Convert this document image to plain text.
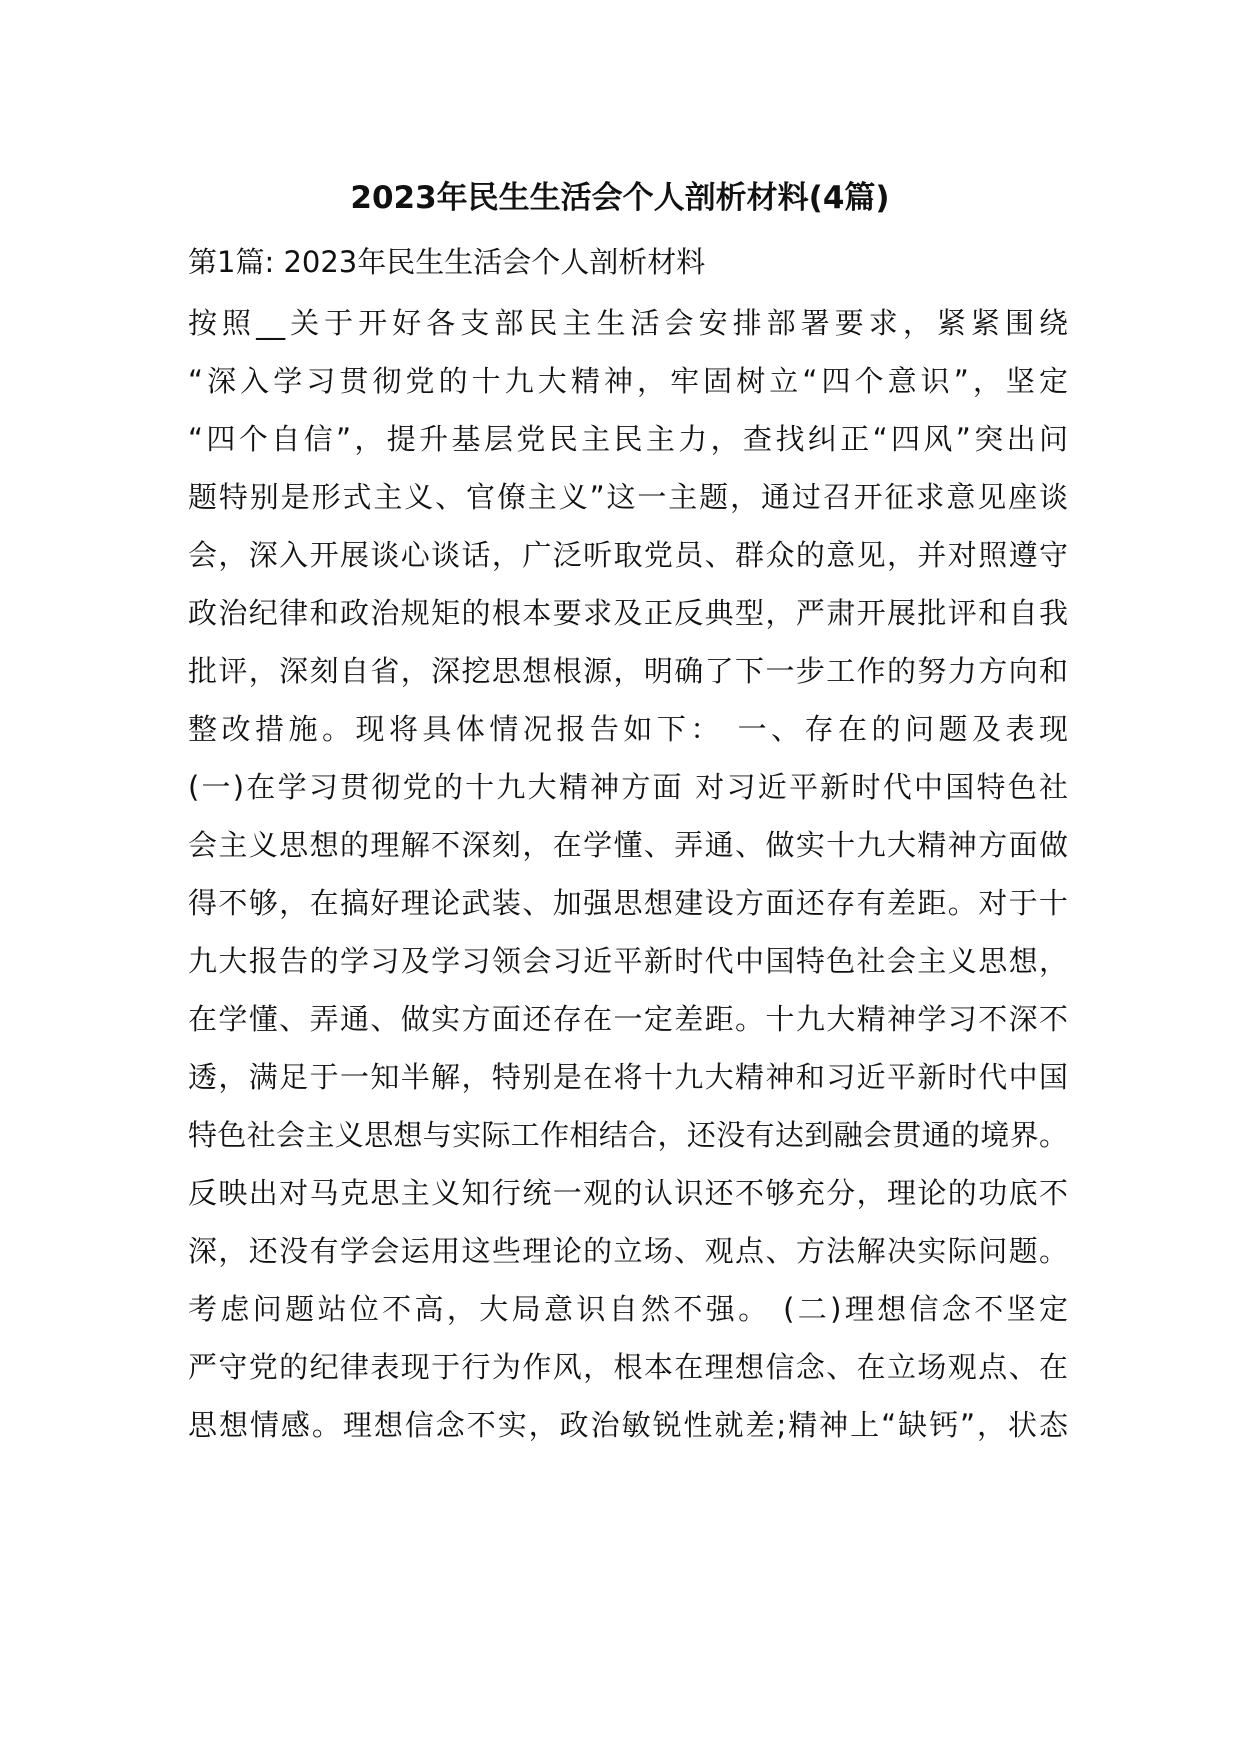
2023年民生生活会个人剖析材料(4篇)

第1篇: 2023年民生生活会个人剖析材料

按照__关于开好各支部民主生活会安排部署要求，紧紧围绕

“深入学习贯彻党的十九大精神，牢固树立“四个意识”，坚定

“四个自信”，提升基层党民主民主力，查找纠正“四风”突出问

题特别是形式主义、官僚主义”这一主题，通过召开征求意见座谈

会，深入开展谈心谈话，广泛听取党员、群众的意见，并对照遵守

政治纪律和政治规矩的根本要求及正反典型，严肃开展批评和自我

批评，深刻自省，深挖思想根源，明确了下一步工作的努力方向和

整改措施。现将具体情况报告如下： 一、存在的问题及表现

(一)在学习贯彻党的十九大精神方面 对习近平新时代中国特色社

会主义思想的理解不深刻，在学懂、弄通、做实十九大精神方面做

得不够，在搞好理论武装、加强思想建设方面还存有差距。对于十

九大报告的学习及学习领会习近平新时代中国特色社会主义思想，

在学懂、弄通、做实方面还存在一定差距。十九大精神学习不深不

透，满足于一知半解，特别是在将十九大精神和习近平新时代中国

特色社会主义思想与实际工作相结合，还没有达到融会贯通的境界。

反映出对马克思主义知行统一观的认识还不够充分，理论的功底不

深，还没有学会运用这些理论的立场、观点、方法解决实际问题。

考虑问题站位不高，大局意识自然不强。 (二)理想信念不坚定

严守党的纪律表现于行为作风，根本在理想信念、在立场观点、在

思想情感。理想信念不实，政治敏锐性就差;精神上“缺钙”，状态
